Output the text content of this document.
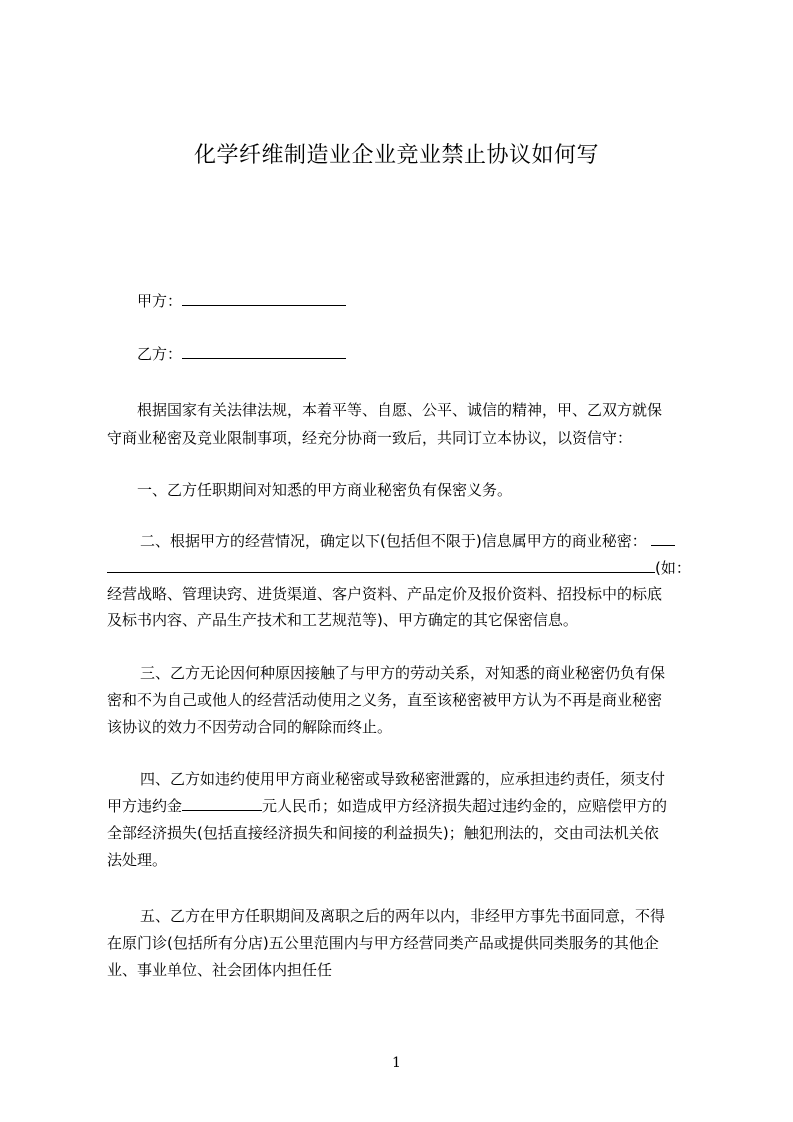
化学纤维制造业企业竞业禁止协议如何写
甲方：
乙方：
根据国家有关法律法规，本着平等、自愿、公平、诚信的精神，甲、乙双方就保
守商业秘密及竞业限制事项，经充分协商一致后，共同订立本协议，以资信守：
一、乙方任职期间对知悉的甲方商业秘密负有保密义务。
二、根据甲方的经营情况，确定以下(包括但不限于)信息属甲方的商业秘密：
(如：
经营战略、管理诀窍、进货渠道、客户资料、产品定价及报价资料、招投标中的标底
及标书内容、产品生产技术和工艺规范等)、甲方确定的其它保密信息。
三、乙方无论因何种原因接触了与甲方的劳动关系，对知悉的商业秘密仍负有保
密和不为自己或他人的经营活动使用之义务，直至该秘密被甲方认为不再是商业秘密
该协议的效力不因劳动合同的解除而终止。
四、乙方如违约使用甲方商业秘密或导致秘密泄露的，应承担违约责任，须支付
甲方违约金	元人民币；如造成甲方经济损失超过违约金的，应赔偿甲方的
全部经济损失(包括直接经济损失和间接的利益损失)；触犯刑法的，交由司法机关依
法处理。
五、乙方在甲方任职期间及离职之后的两年以内，非经甲方事先书面同意，不得
在原门诊(包括所有分店)五公里范围内与甲方经营同类产品或提供同类服务的其他企
业、事业单位、社会团体内担任任
1
